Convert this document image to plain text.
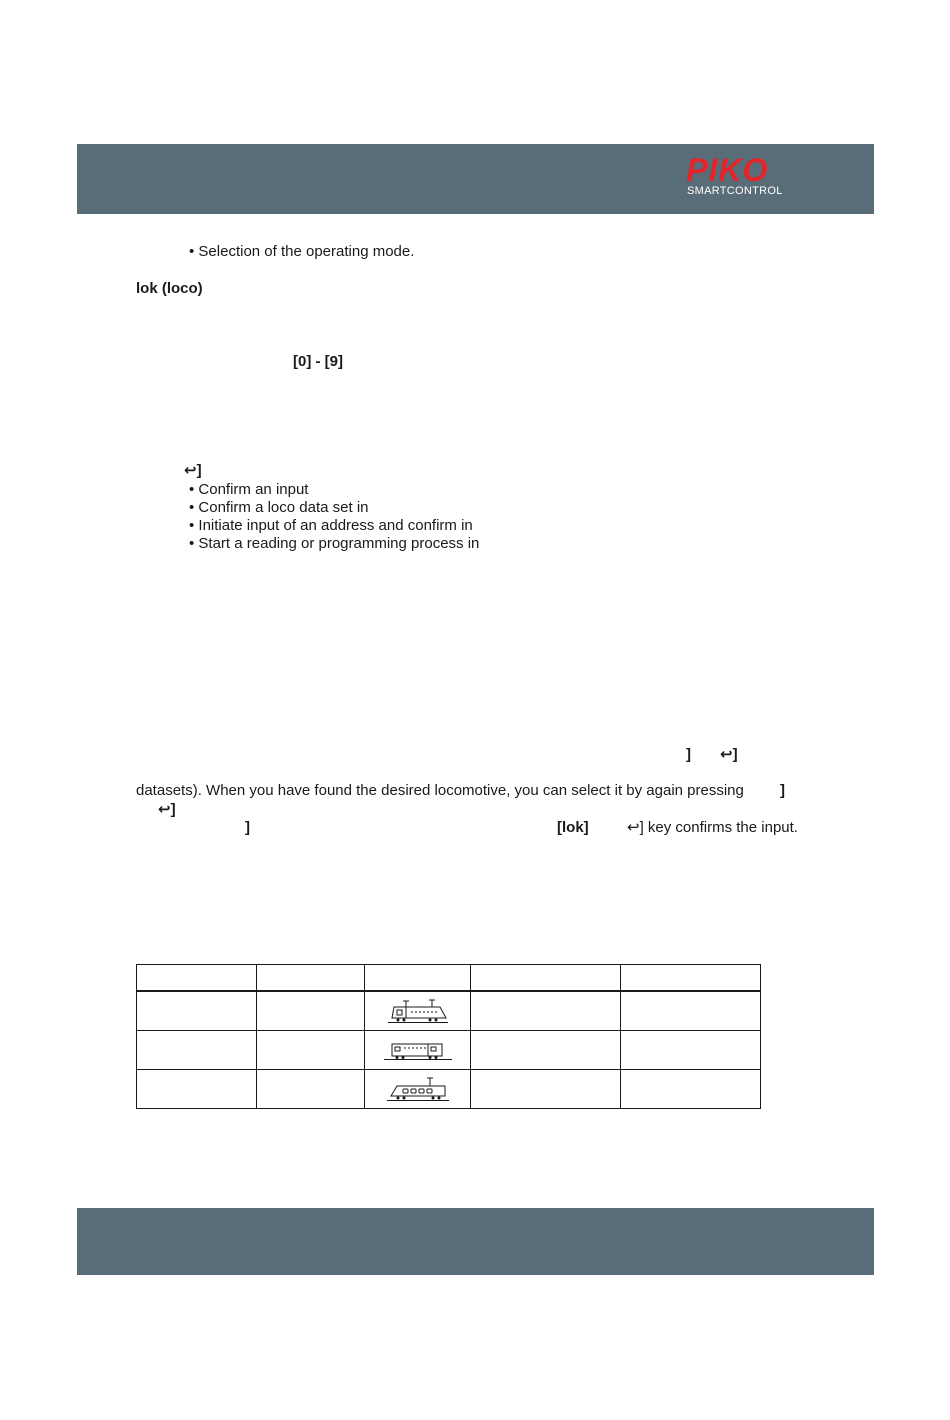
PIKO
SMARTCONTROL
• Selection of the operating mode.
lok (loco)
[0] - [9]
↩]
• Confirm an input
• Confirm a loco data set in
• Initiate input of an address and confirm in
• Start a reading or programming process in
] ↩]
datasets). When you have found the desired locomotive, you can select it by again pressing ]
↩]
]	[lok]	↩] key confirms the input.
